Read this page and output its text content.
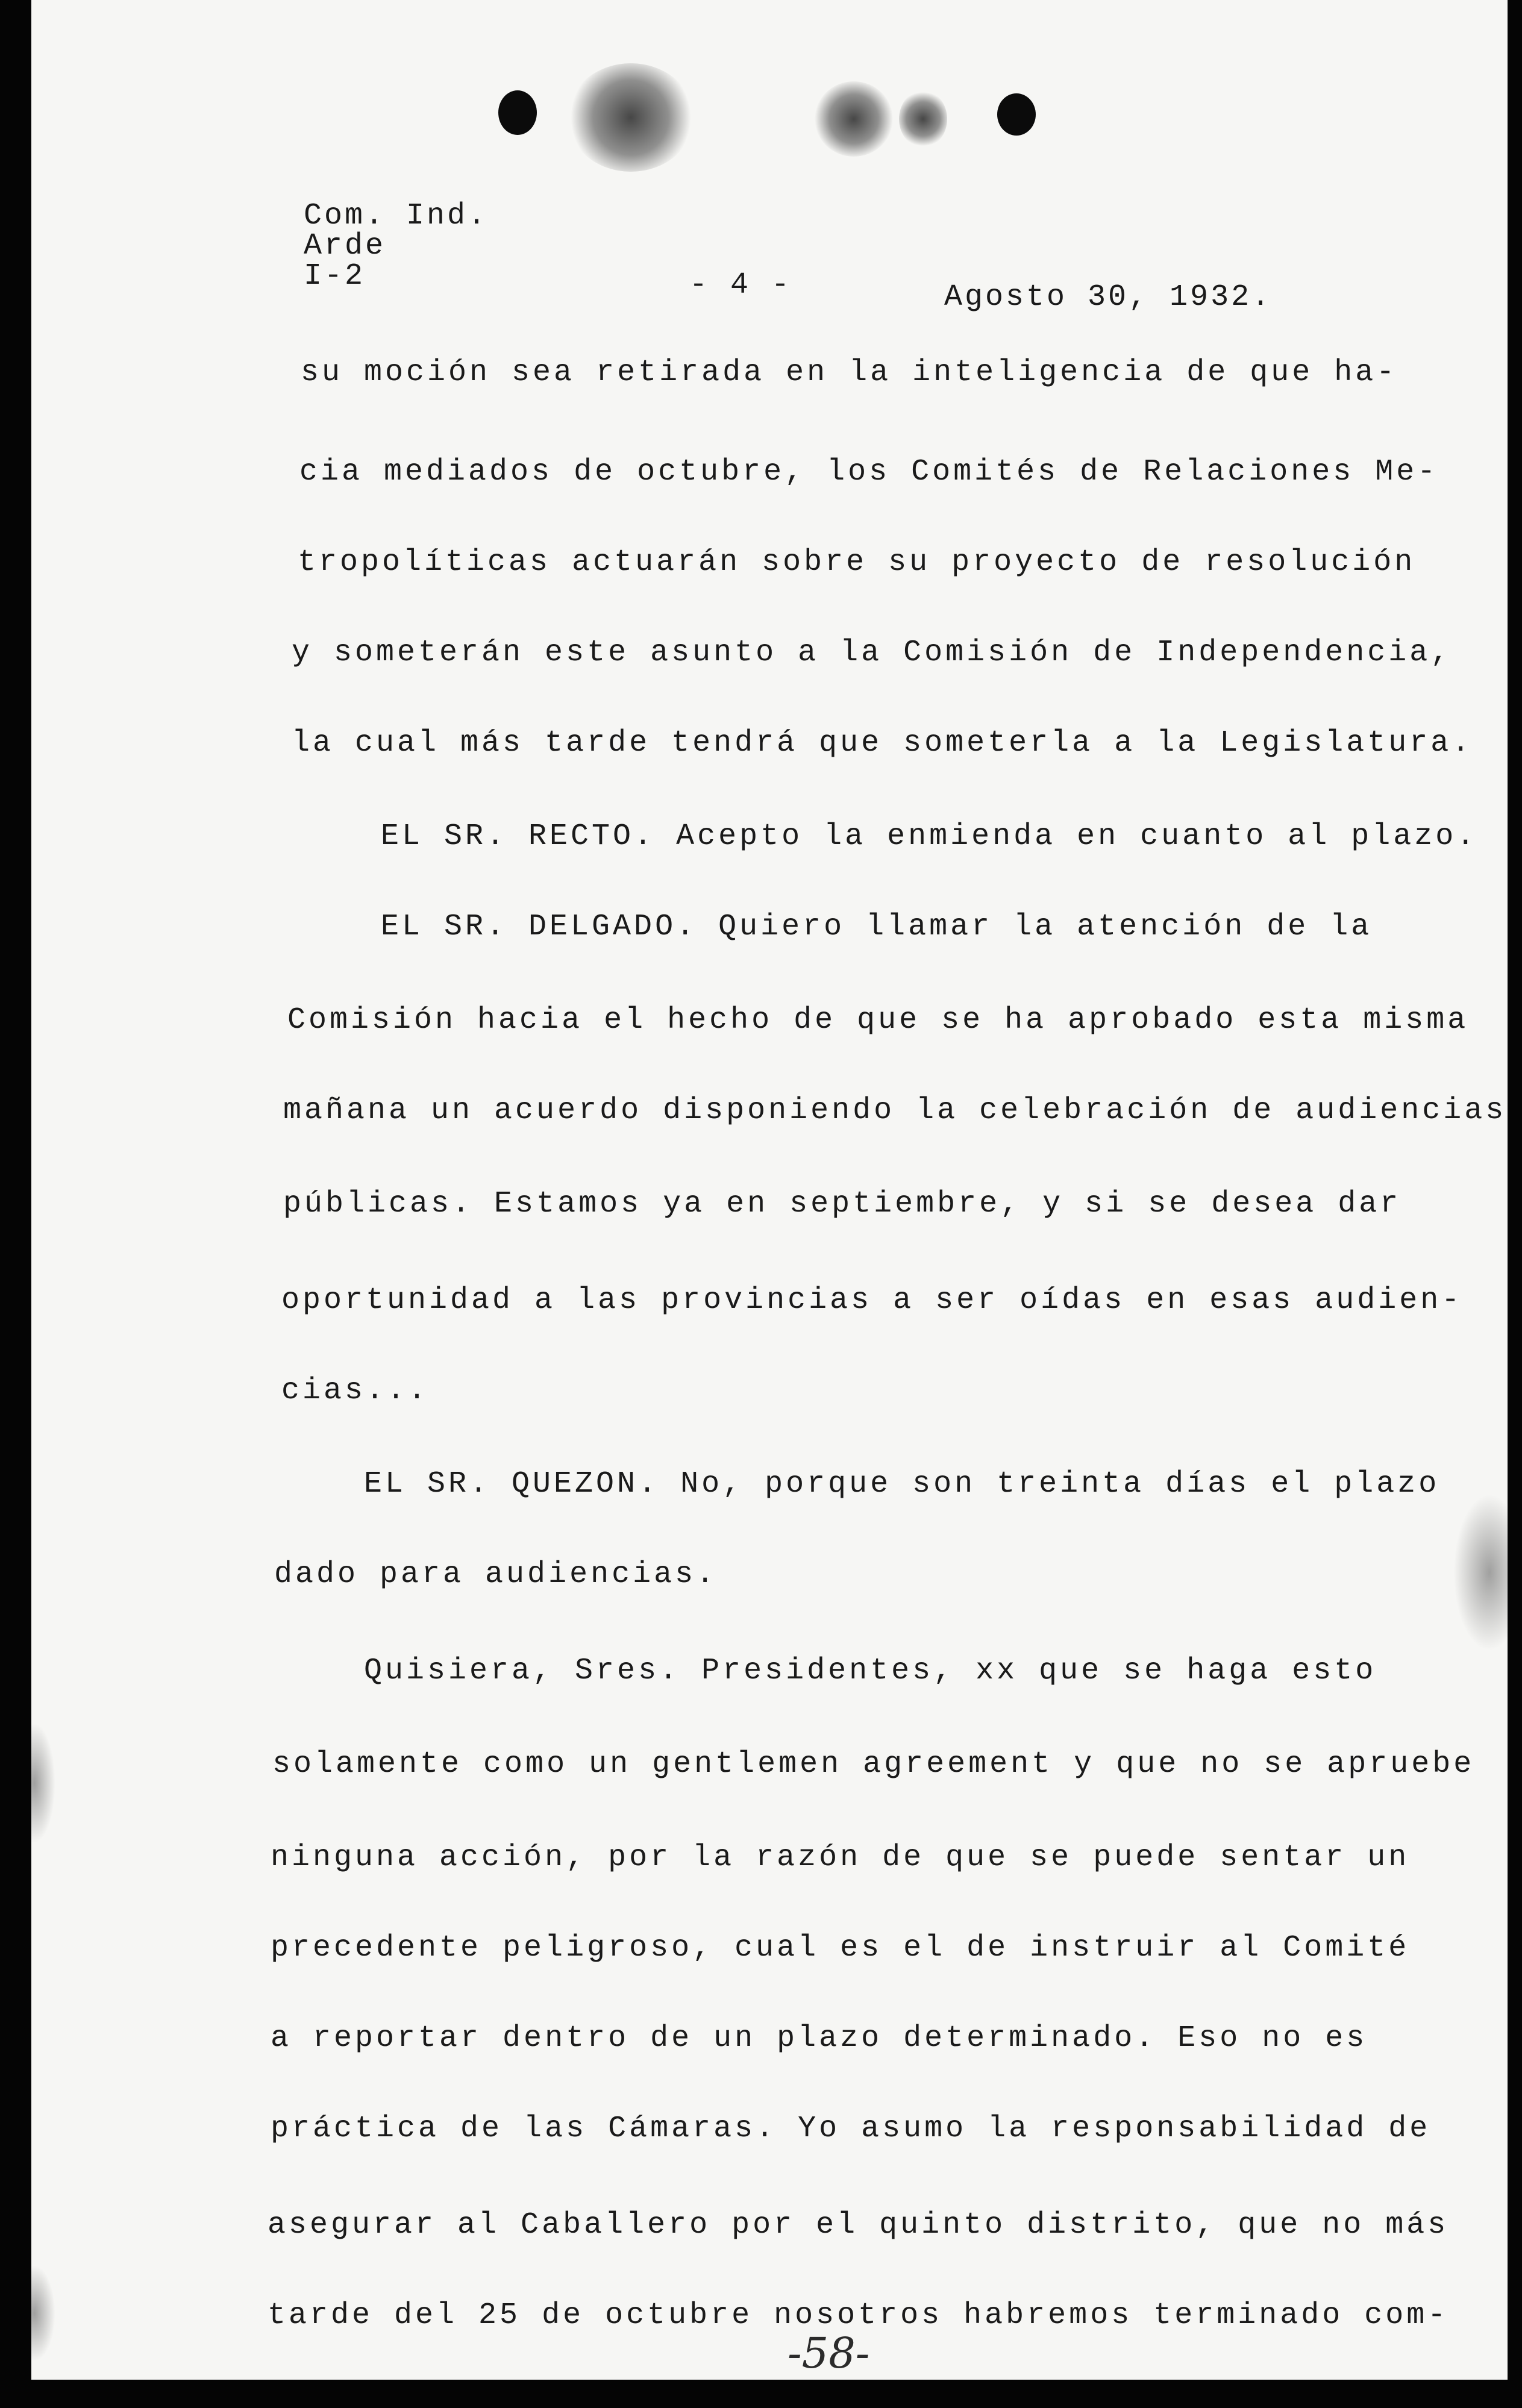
Com. Ind.
Arde
I-2	- 4 -	Agosto 30, 1932.
su moción sea retirada en la inteligencia de que ha-
cia mediados de octubre, los Comités de Relaciones Me-
tropolíticas actuarán sobre su proyecto de resolución
y someterán este asunto a la Comisión de Independencia,
la cual más tarde tendrá que someterla a la Legislatura.
EL SR. RECTO. Acepto la enmienda en cuanto al plazo.
EL SR. DELGADO. Quiero llamar la atención de la
Comisión hacia el hecho de que se ha aprobado esta misma
mañana un acuerdo disponiendo la celebración de audiencias
públicas. Estamos ya en septiembre, y si se desea dar
oportunidad a las provincias a ser oídas en esas audien-
cias...
EL SR. QUEZON. No, porque son treinta días el plazo
dado para audiencias.
Quisiera, Sres. Presidentes, xx que se haga esto
solamente como un gentlemen agreement y que no se apruebe
ninguna acción, por la razón de que se puede sentar un
precedente peligroso, cual es el de instruir al Comité
a reportar dentro de un plazo determinado. Eso no es
práctica de las Cámaras. Yo asumo la responsabilidad de
asegurar al Caballero por el quinto distrito, que no más
tarde del 25 de octubre nosotros habremos terminado com-
-58-
